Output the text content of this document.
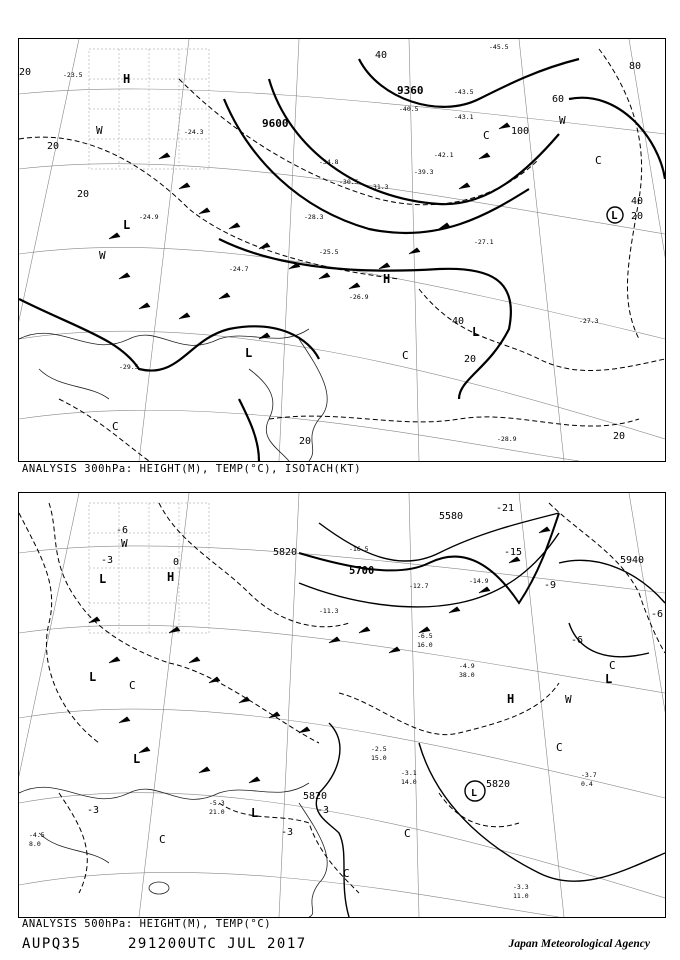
9360
9600
20
40
60
80
100
20
20
20
20
20	20
40
40
H
H
L
L
L
L
W
W
W
C
C
C
C
-23.5
-24.3
-24.9
-25.5
-26.9
-27.1
-28.3
-29.5
-30.5
-31.3
-34.8
-39.3
-40.5
-42.1
-43.5
-43.1
-45.5
-28.9
-27.3
-24.7
ANALYSIS 300hPa: HEIGHT(M), TEMP(°C), ISOTACH(KT)
5580
5700
5820
5940
5820
5820
-3
-6
-9
-15
-21
0
-3	-3
-3
-6
-6
H
H
L
L
L
L
L
L
W
W
C
C
C
C
C
C
-3.3
11.0
-3.7
0.4
-2.5
15.0
-3.1
14.0
-6.5
16.0
-4.9
38.0
-11.3
-12.7
-16.5
-14.9
-4.5
8.0
-5.3
21.0
ANALYSIS 500hPa: HEIGHT(M), TEMP(°C)
AUPQ35	291200UTC JUL 2017	Japan Meteorological Agency
